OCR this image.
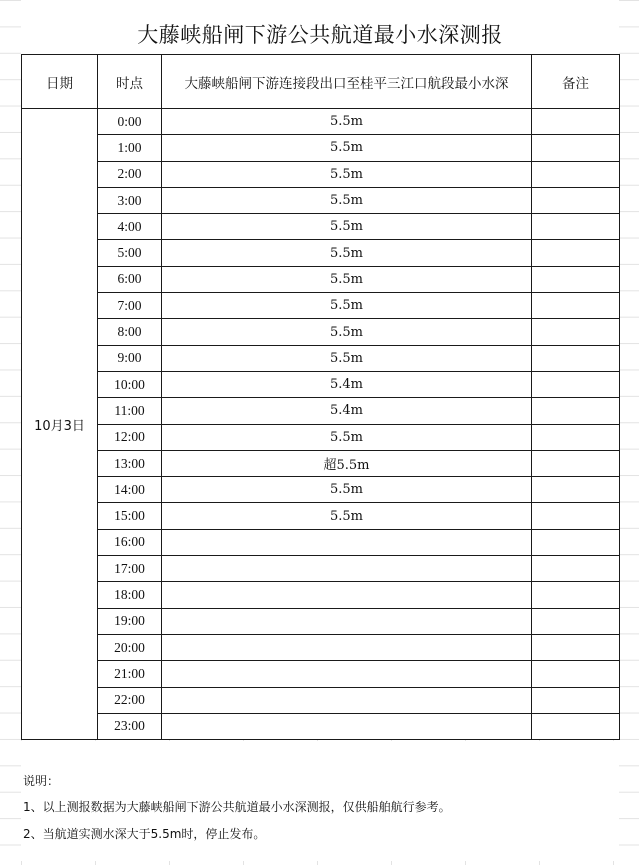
大藤峡船闸下游公共航道最小水深测报
日期	时点	大藤峡船闸下游连接段出口至桂平三江口航段最小水深	备注
10月3日	0:00	5.5m	
	1:00	5.5m	
	2:00	5.5m	
	3:00	5.5m	
	4:00	5.5m	
	5:00	5.5m	
	6:00	5.5m	
	7:00	5.5m	
	8:00	5.5m	
	9:00	5.5m	
	10:00	5.4m	
	11:00	5.4m	
	12:00	5.5m	
	13:00	超5.5m	
	14:00	5.5m	
	15:00	5.5m	
	16:00		
	17:00		
	18:00		
	19:00		
	20:00		
	21:00		
	22:00		
	23:00		
说明：
1、以上测报数据为大藤峡船闸下游公共航道最小水深测报，仅供船舶航行参考。
2、当航道实测水深大于5.5m时，停止发布。
